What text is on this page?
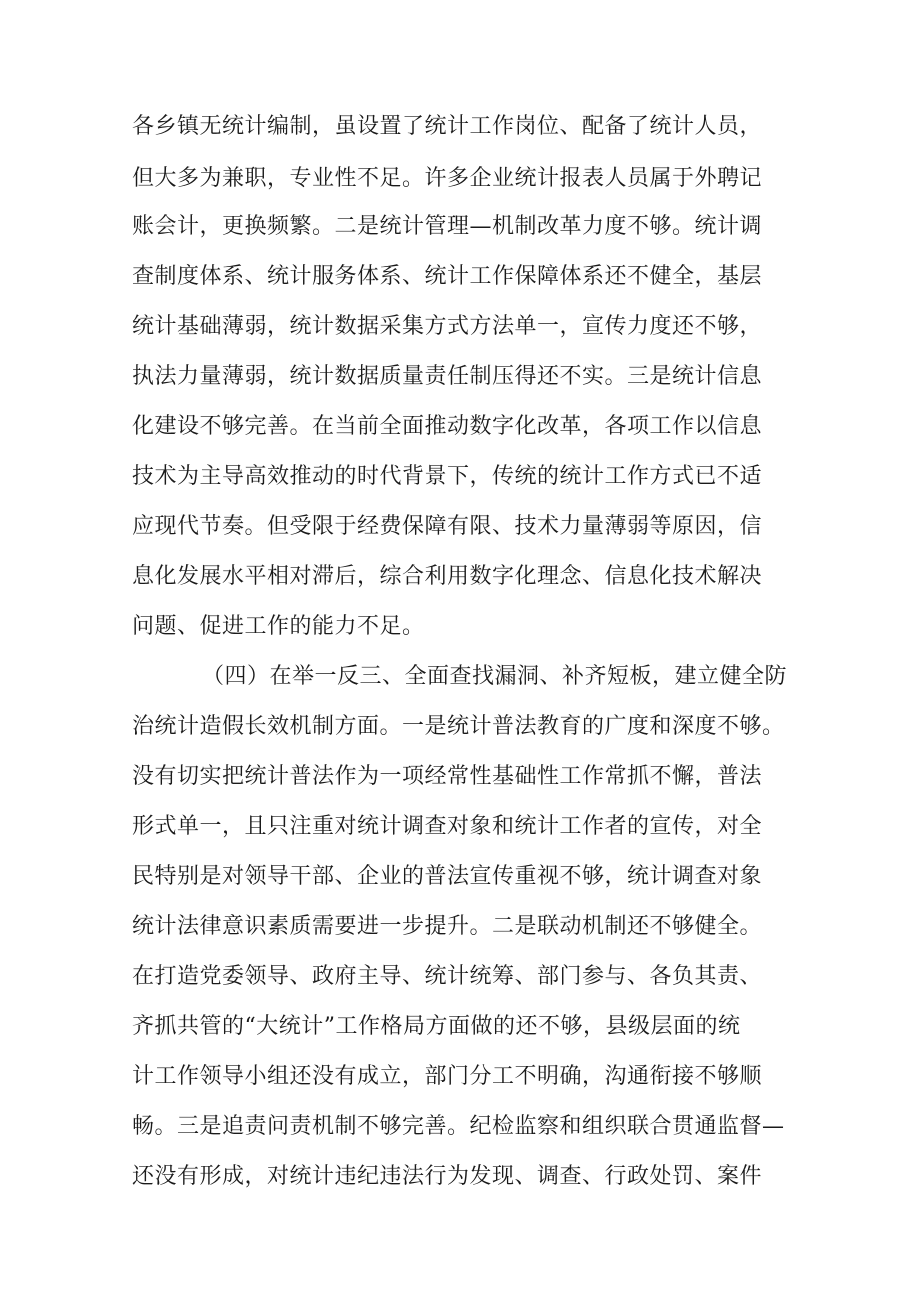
各乡镇无统计编制，虽设置了统计工作岗位、配备了统计人员，
但大多为兼职，专业性不足。许多企业统计报表人员属于外聘记
账会计，更换频繁。二是统计管理—机制改革力度不够。统计调
查制度体系、统计服务体系、统计工作保障体系还不健全，基层
统计基础薄弱，统计数据采集方式方法单一，宣传力度还不够，
执法力量薄弱，统计数据质量责任制压得还不实。三是统计信息
化建设不够完善。在当前全面推动数字化改革，各项工作以信息
技术为主导高效推动的时代背景下，传统的统计工作方式已不适
应现代节奏。但受限于经费保障有限、技术力量薄弱等原因，信
息化发展水平相对滞后，综合利用数字化理念、信息化技术解决
问题、促进工作的能力不足。
（四）在举一反三、全面查找漏洞、补齐短板，建立健全防
治统计造假长效机制方面。一是统计普法教育的广度和深度不够。
没有切实把统计普法作为一项经常性基础性工作常抓不懈，普法
形式单一，且只注重对统计调查对象和统计工作者的宣传，对全
民特别是对领导干部、企业的普法宣传重视不够，统计调查对象
统计法律意识素质需要进一步提升。二是联动机制还不够健全。
在打造党委领导、政府主导、统计统筹、部门参与、各负其责、
齐抓共管的“大统计”工作格局方面做的还不够，县级层面的统
计工作领导小组还没有成立，部门分工不明确，沟通衔接不够顺
畅。三是追责问责机制不够完善。纪检监察和组织联合贯通监督—
还没有形成，对统计违纪违法行为发现、调查、行政处罚、案件
